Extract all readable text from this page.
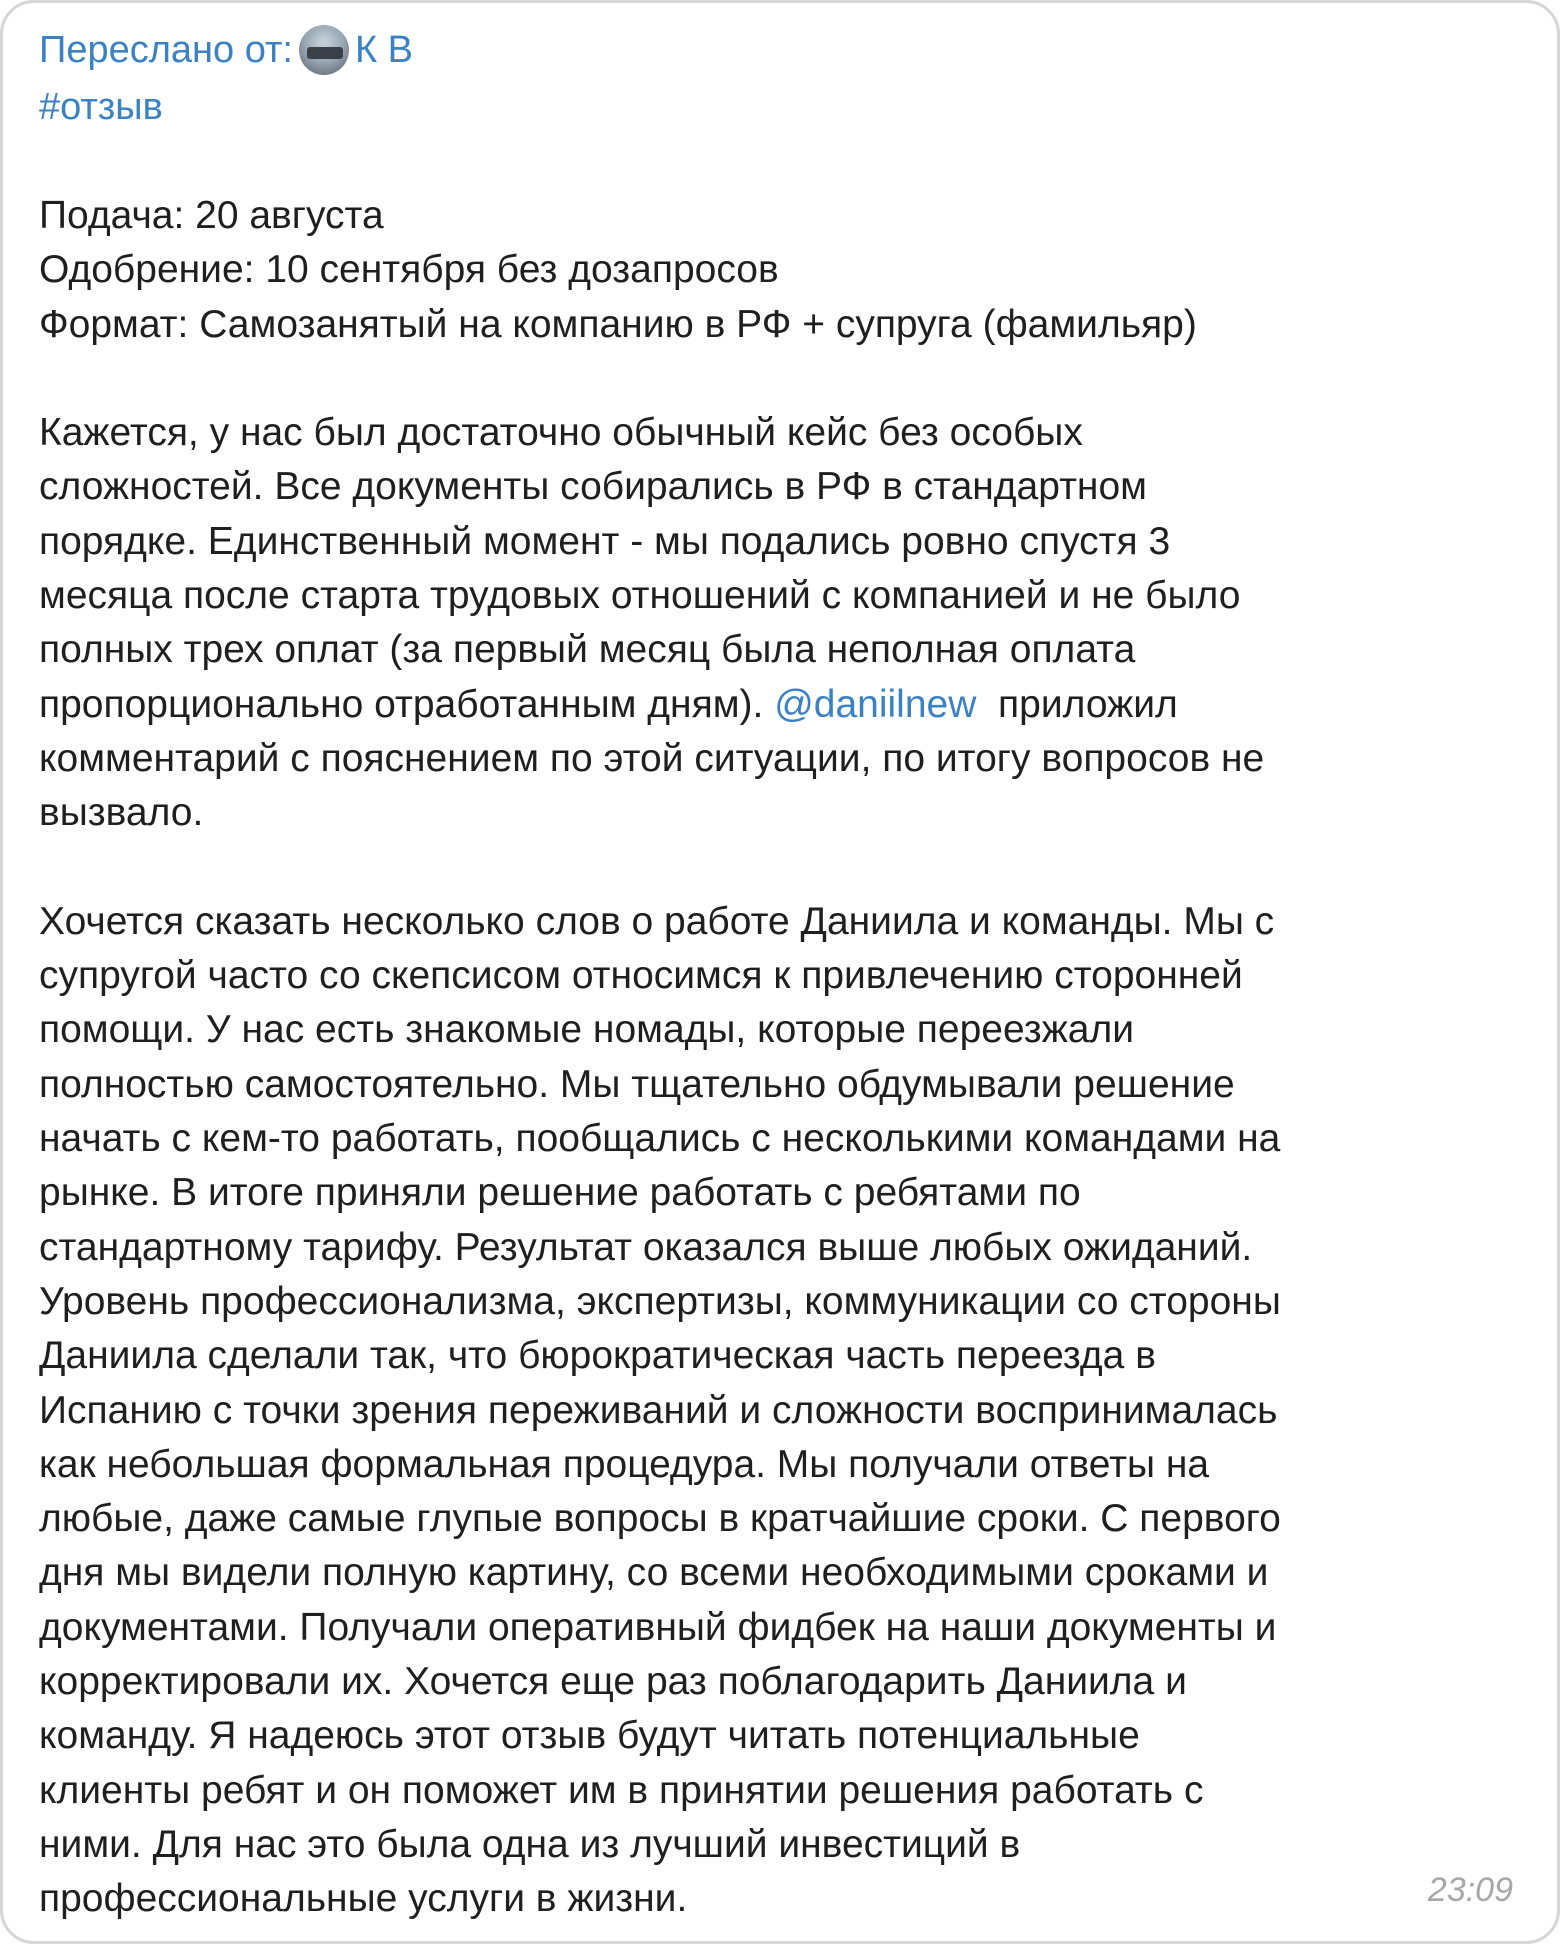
Переслано от: К В
#отзыв
Подача: 20 августа
Одобрение: 10 сентября без дозапросов
Формат: Самозанятый на компанию в РФ + супруга (фамильяр)
Кажется, у нас был достаточно обычный кейс без особых
сложностей. Все документы собирались в РФ в стандартном
порядке. Единственный момент - мы подались ровно спустя 3
месяца после старта трудовых отношений с компанией и не было
полных трех оплат (за первый месяц была неполная оплата
пропорционально отработанным дням). @daniilnew  приложил
комментарий с пояснением по этой ситуации, по итогу вопросов не
вызвало.
Хочется сказать несколько слов о работе Даниила и команды. Мы с
супругой часто со скепсисом относимся к привлечению сторонней
помощи. У нас есть знакомые номады, которые переезжали
полностью самостоятельно. Мы тщательно обдумывали решение
начать с кем-то работать, пообщались с несколькими командами на
рынке. В итоге приняли решение работать с ребятами по
стандартному тарифу. Результат оказался выше любых ожиданий.
Уровень профессионализма, экспертизы, коммуникации со стороны
Даниила сделали так, что бюрократическая часть переезда в
Испанию с точки зрения переживаний и сложности воспринималась
как небольшая формальная процедура. Мы получали ответы на
любые, даже самые глупые вопросы в кратчайшие сроки. С первого
дня мы видели полную картину, со всеми необходимыми сроками и
документами. Получали оперативный фидбек на наши документы и
корректировали их. Хочется еще раз поблагодарить Даниила и
команду. Я надеюсь этот отзыв будут читать потенциальные
клиенты ребят и он поможет им в принятии решения работать с
ними. Для нас это была одна из лучший инвестиций в
профессиональные услуги в жизни.	23:09
